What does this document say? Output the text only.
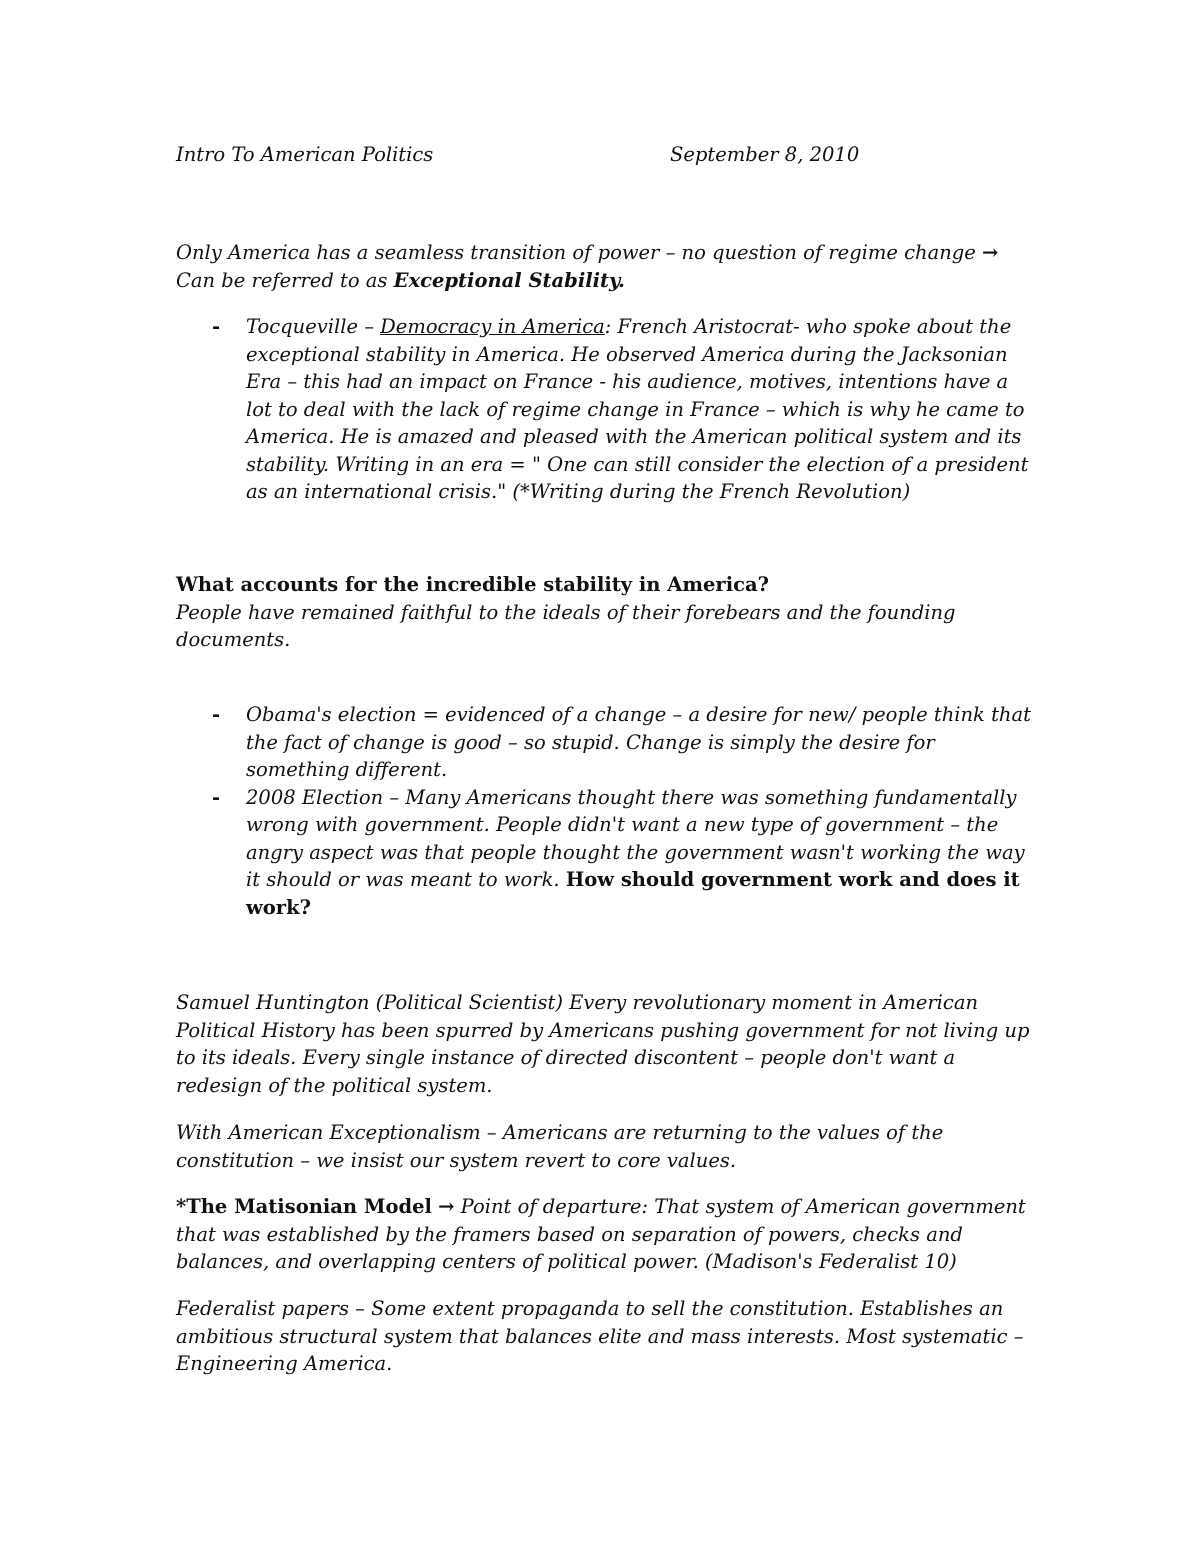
Intro To American Politics	September 8, 2010
Only America has a seamless transition of power – no question of regime change →
Can be referred to as Exceptional Stability.
- Tocqueville – Democracy in America: French Aristocrat- who spoke about the exceptional stability in America. He observed America during the Jacksonian Era – this had an impact on France - his audience, motives, intentions have a lot to deal with the lack of regime change in France – which is why he came to America. He is amazed and pleased with the American political system and its stability. Writing in an era = " One can still consider the election of a president as an international crisis." (*Writing during the French Revolution)
What accounts for the incredible stability in America?
People have remained faithful to the ideals of their forebears and the founding documents.
- Obama's election = evidenced of a change – a desire for new/ people think that the fact of change is good – so stupid. Change is simply the desire for something different.
- 2008 Election – Many Americans thought there was something fundamentally wrong with government. People didn't want a new type of government – the angry aspect was that people thought the government wasn't working the way it should or was meant to work. How should government work and does it work?
Samuel Huntington (Political Scientist) Every revolutionary moment in American Political History has been spurred by Americans pushing government for not living up to its ideals. Every single instance of directed discontent – people don't want a redesign of the political system.
With American Exceptionalism – Americans are returning to the values of the constitution – we insist our system revert to core values.
*The Matisonian Model → Point of departure: That system of American government that was established by the framers based on separation of powers, checks and balances, and overlapping centers of political power. (Madison's Federalist 10)
Federalist papers – Some extent propaganda to sell the constitution. Establishes an ambitious structural system that balances elite and mass interests. Most systematic – Engineering America.
